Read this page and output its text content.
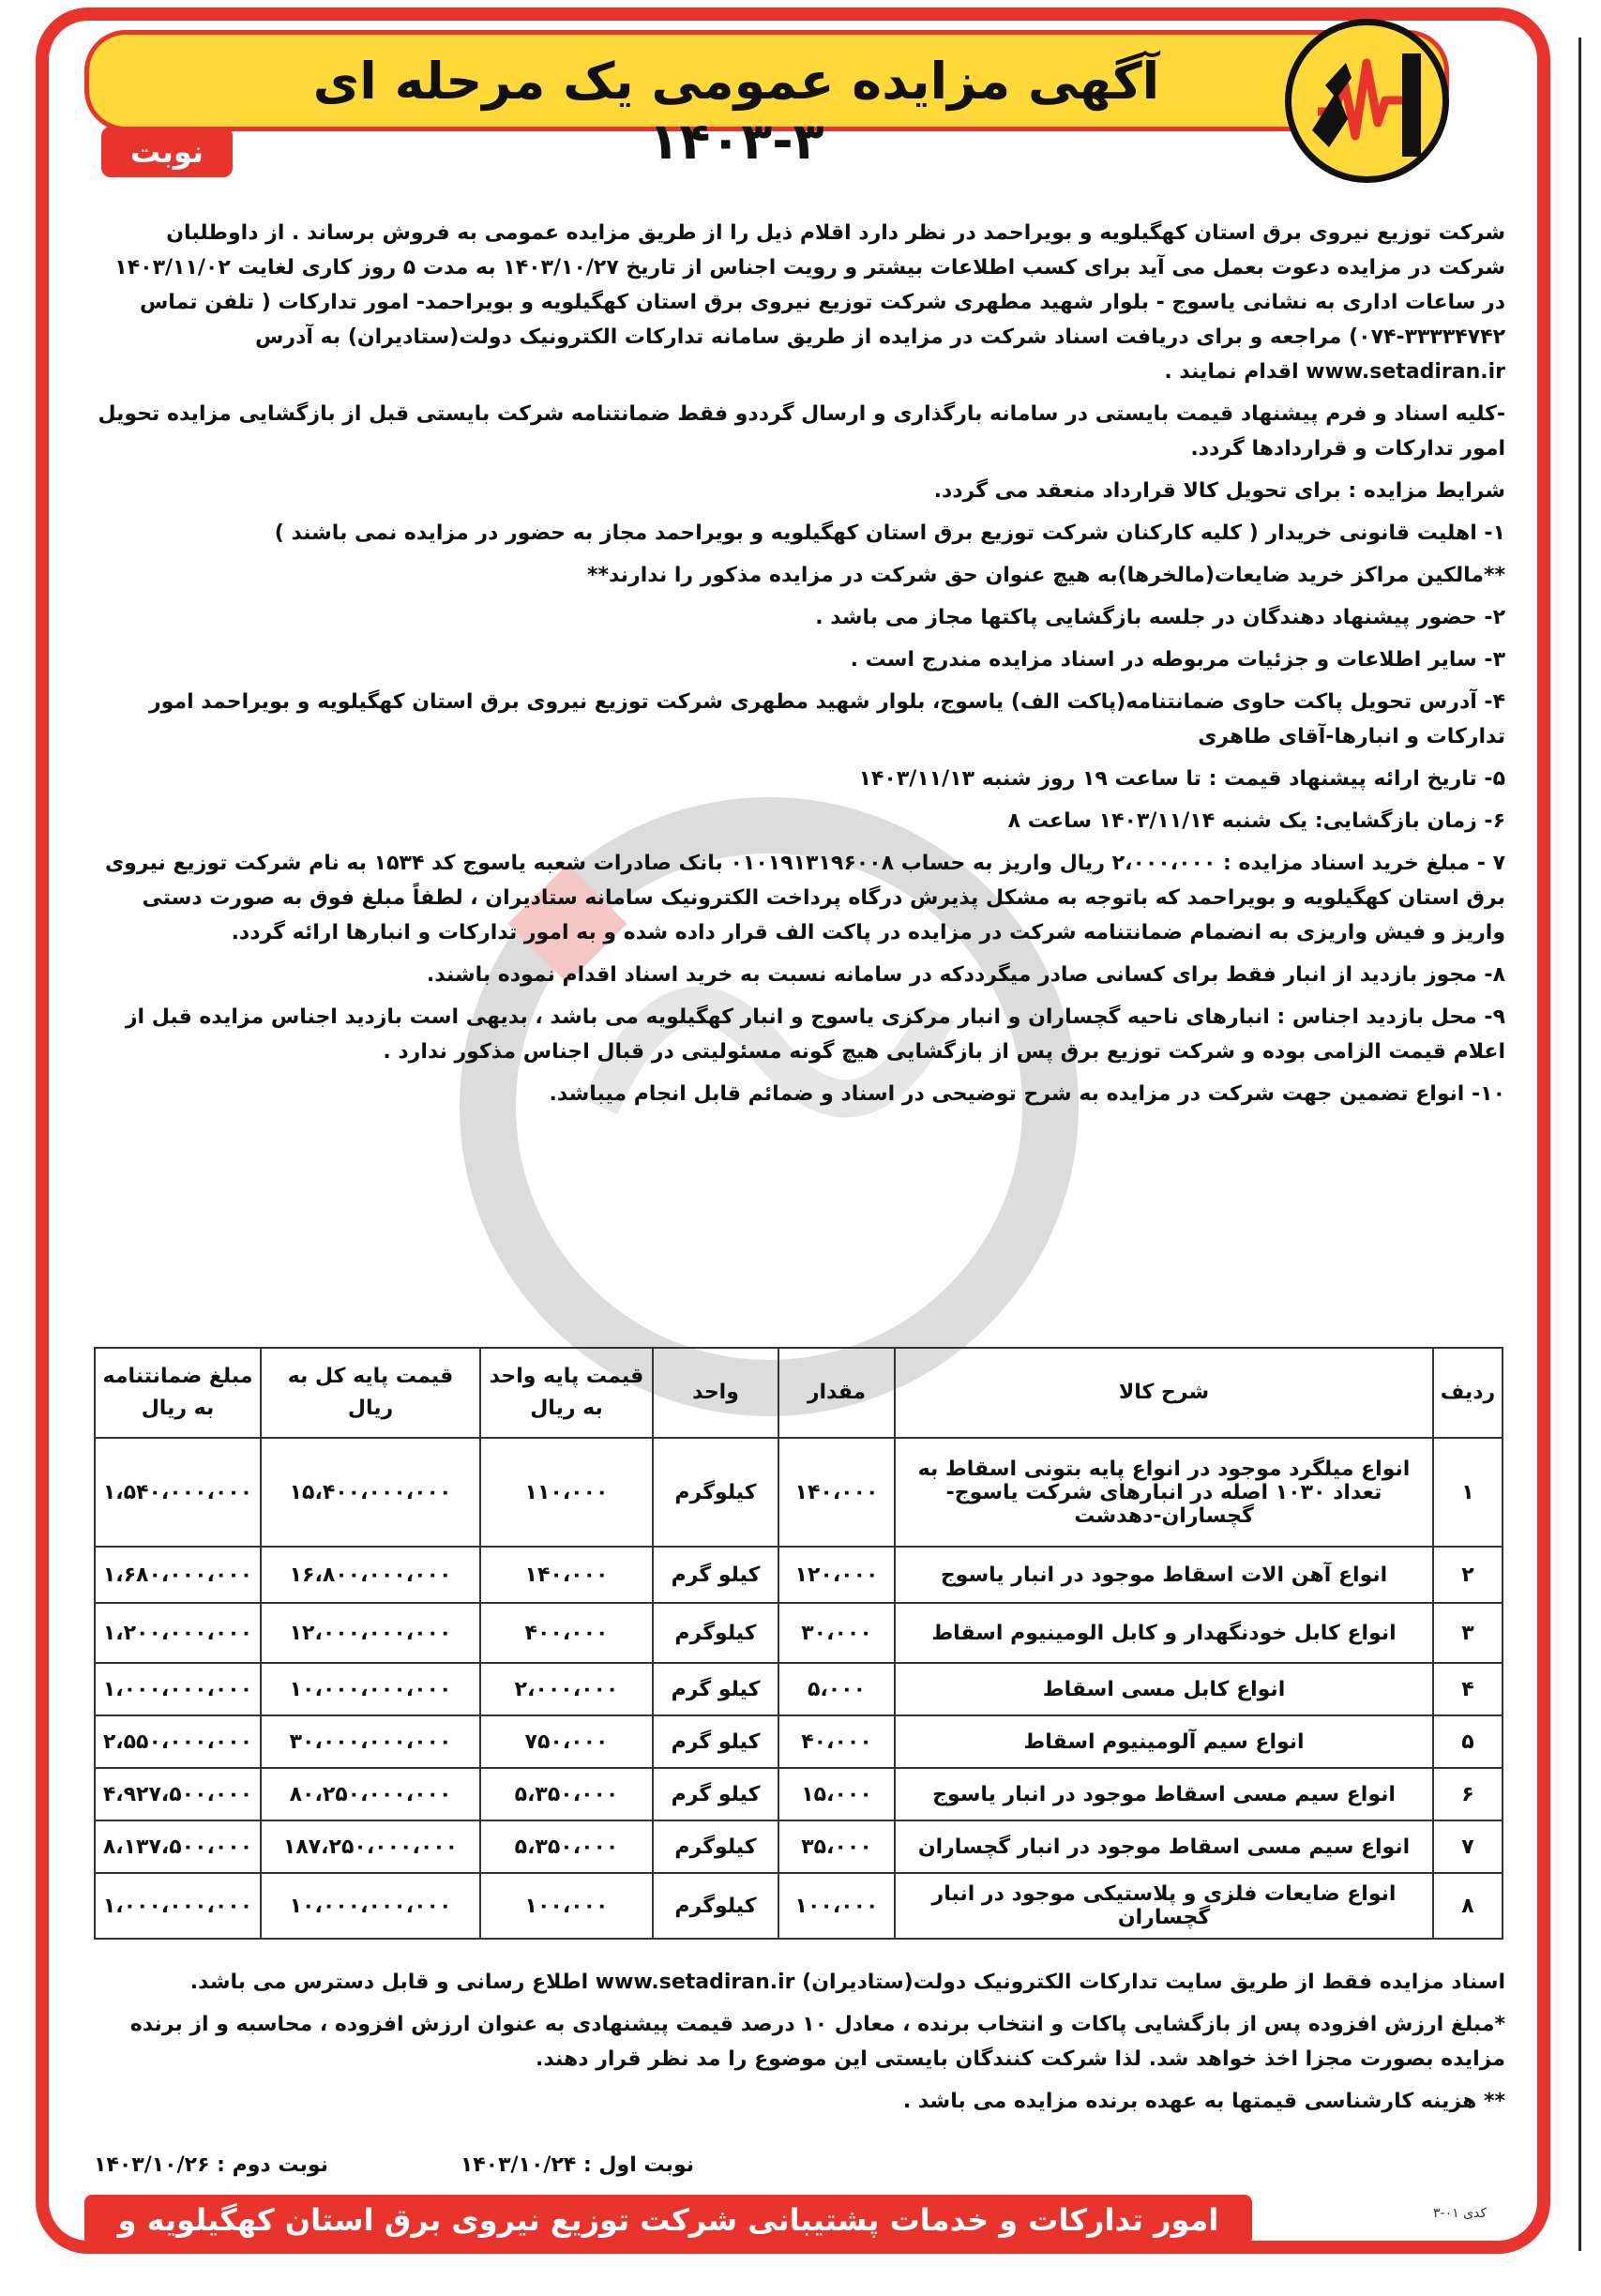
آگهی مزایده عمومی یک مرحله ای ۳-۱۴۰۳
نوبت اول

شرکت توزیع نیروی برق استان کهگیلویه و بویراحمد در نظر دارد اقلام ذیل را از طریق مزایده عمومی به فروش برساند . از داوطلبان شرکت در مزایده دعوت بعمل می آید برای کسب اطلاعات بیشتر و رویت اجناس از تاریخ ۱۴۰۳/۱۰/۲۷ به مدت ۵ روز کاری لغایت ۱۴۰۳/۱۱/۰۲ در ساعات اداری به نشانی یاسوج - بلوار شهید مطهری شرکت توزیع نیروی برق استان کهگیلویه و بویراحمد- امور تدارکات ( تلفن تماس ۳۳۳۳۴۷۴۲-۰۷۴) مراجعه و برای دریافت اسناد شرکت در مزایده از طریق سامانه تدارکات الکترونیک دولت(ستادیران) به آدرس www.setadiran.ir اقدام نمایند .

-کلیه اسناد و فرم پیشنهاد قیمت بایستی در سامانه بارگذاری و ارسال گرددو فقط ضمانتنامه شرکت بایستی قبل از بازگشایی مزایده تحویل امور تدارکات و قراردادها گردد.

شرایط مزایده : برای تحویل کالا قرارداد منعقد می گردد.

۱- اهلیت قانونی خریدار ( کلیه کارکنان شرکت توزیع برق استان کهگیلویه و بویراحمد مجاز به حضور در مزایده نمی باشند )

**مالکین مراکز خرید ضایعات(مالخرها)به هیچ عنوان حق شرکت در مزایده مذکور را ندارند**

۲- حضور پیشنهاد دهندگان در جلسه بازگشایی پاکتها مجاز می باشد .

۳- سایر اطلاعات و جزئیات مربوطه در اسناد مزایده مندرج است .

۴- آدرس تحویل پاکت حاوی ضمانتنامه(پاکت الف) یاسوج، بلوار شهید مطهری شرکت توزیع نیروی برق استان کهگیلویه و بویراحمد امور تدارکات و انبارها-آقای طاهری

۵- تاریخ ارائه پیشنهاد قیمت : تا ساعت ۱۹ روز شنبه ۱۴۰۳/۱۱/۱۳

۶- زمان بازگشایی: یک شنبه ۱۴۰۳/۱۱/۱۴ ساعت ۸

۷ - مبلغ خرید اسناد مزایده : ۲،۰۰۰،۰۰۰ ریال واریز به حساب ۰۱۰۱۹۱۳۱۹۶۰۰۸ بانک صادرات شعبه یاسوج کد ۱۵۳۴ به نام شرکت توزیع نیروی برق استان کهگیلویه و بویراحمد که باتوجه به مشکل پذیرش درگاه پرداخت الکترونیک سامانه ستادیران ، لطفاً مبلغ فوق به صورت دستی واریز و فیش واریزی به انضمام ضمانتنامه شرکت در مزایده در پاکت الف قرار داده شده و به امور تدارکات و انبارها ارائه گردد.

۸- مجوز بازدید از انبار فقط برای کسانی صادر میگرددکه در سامانه نسبت به خرید اسناد اقدام نموده باشند.

۹- محل بازدید اجناس : انبارهای ناحیه گچساران و انبار مرکزی یاسوج و انبار کهگیلویه می باشد ، بدیهی است بازدید اجناس مزایده قبل از اعلام قیمت الزامی بوده و شرکت توزیع برق پس از بازگشایی هیچ گونه مسئولیتی در قبال اجناس مذکور ندارد .

۱۰- انواع تضمین جهت شرکت در مزایده به شرح توضیحی در اسناد و ضمائم قابل انجام میباشد.

ردیف	شرح کالا	مقدار	واحد	قیمت پایه واحد به ریال	قیمت پایه کل به ریال	مبلغ ضمانتنامه به ریال
۱	انواع میلگرد موجود در انواع پایه بتونی اسقاط به تعداد ۱۰۳۰ اصله در انبارهای شرکت یاسوج-گچساران-دهدشت	۱۴۰،۰۰۰	کیلوگرم	۱۱۰،۰۰۰	۱۵،۴۰۰،۰۰۰،۰۰۰	۱،۵۴۰،۰۰۰،۰۰۰
۲	انواع آهن الات اسقاط موجود در انبار یاسوج	۱۲۰،۰۰۰	کیلو گرم	۱۴۰،۰۰۰	۱۶،۸۰۰،۰۰۰،۰۰۰	۱،۶۸۰،۰۰۰،۰۰۰
۳	انواع کابل خودنگهدار و کابل الومینیوم اسقاط	۳۰،۰۰۰	کیلوگرم	۴۰۰،۰۰۰	۱۲،۰۰۰،۰۰۰،۰۰۰	۱،۲۰۰،۰۰۰،۰۰۰
۴	انواع کابل مسی اسقاط	۵،۰۰۰	کیلو گرم	۲،۰۰۰،۰۰۰	۱۰،۰۰۰،۰۰۰،۰۰۰	۱،۰۰۰،۰۰۰،۰۰۰
۵	انواع سیم آلومینیوم اسقاط	۴۰،۰۰۰	کیلو گرم	۷۵۰،۰۰۰	۳۰،۰۰۰،۰۰۰،۰۰۰	۲،۵۵۰،۰۰۰،۰۰۰
۶	انواع سیم مسی اسقاط موجود در انبار یاسوج	۱۵،۰۰۰	کیلو گرم	۵،۳۵۰،۰۰۰	۸۰،۲۵۰،۰۰۰،۰۰۰	۴،۹۲۷،۵۰۰،۰۰۰
۷	انواع سیم مسی اسقاط موجود در انبار گچساران	۳۵،۰۰۰	کیلوگرم	۵،۳۵۰،۰۰۰	۱۸۷،۲۵۰،۰۰۰،۰۰۰	۸،۱۳۷،۵۰۰،۰۰۰
۸	انواع ضایعات فلزی و پلاستیکی موجود در انبار گچساران	۱۰۰،۰۰۰	کیلوگرم	۱۰۰،۰۰۰	۱۰،۰۰۰،۰۰۰،۰۰۰	۱،۰۰۰،۰۰۰،۰۰۰

اسناد مزایده فقط از طریق سایت تدارکات الکترونیک دولت(ستادیران) www.setadiran.ir اطلاع رسانی و قابل دسترس می باشد.

*مبلغ ارزش افزوده پس از بازگشایی پاکات و انتخاب برنده ، معادل ۱۰ درصد قیمت پیشنهادی به عنوان ارزش افزوده ، محاسبه و از برنده مزایده بصورت مجزا اخذ خواهد شد. لذا شرکت کنندگان بایستی این موضوع را مد نظر قرار دهند.

** هزینه کارشناسی قیمتها به عهده برنده مزایده می باشد .

نوبت اول : ۱۴۰۳/۱۰/۲۴
نوبت دوم : ۱۴۰۳/۱۰/۲۶
امور تدارکات و خدمات پشتیبانی شرکت توزیع نیروی برق استان کهگیلویه و بویراحمد
کدی ۰۱-۳
